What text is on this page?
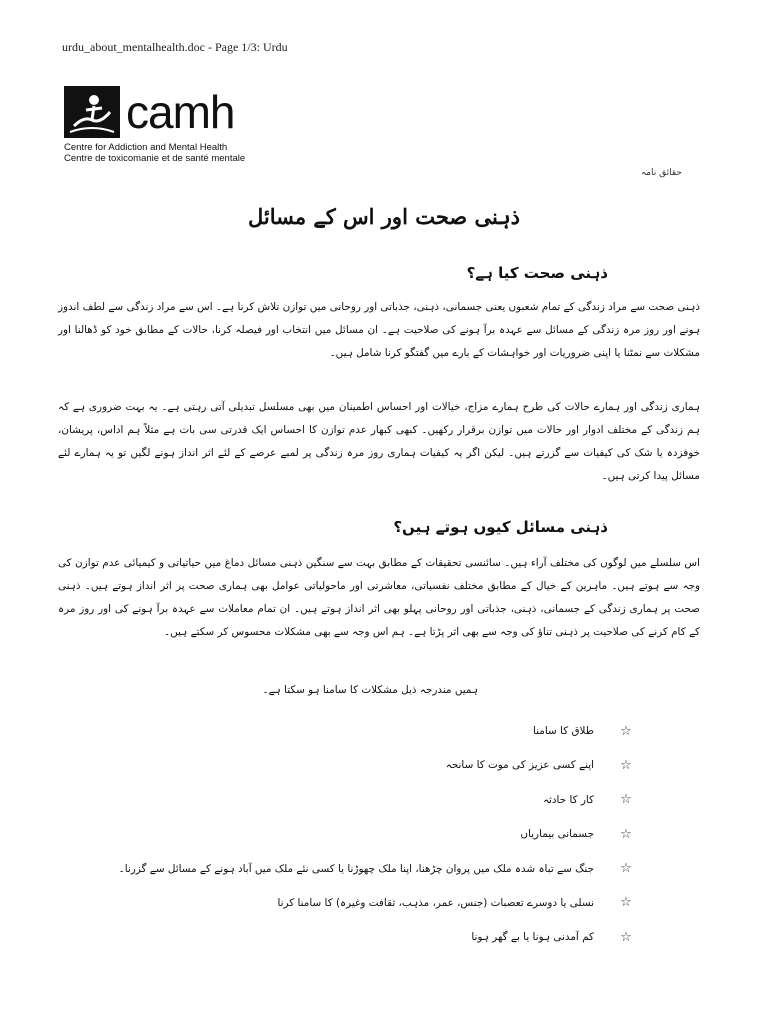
urdu_about_mentalhealth.doc - Page 1/3: Urdu
camh
Centre for Addiction and Mental Health
Centre de toxicomanie et de santé mentale
حقائق نامہ
ذہنی صحت اور اس کے مسائل
ذہنی صحت کیا ہے؟
ذہنی صحت سے مراد زندگی کے تمام شعبوں یعنی جسمانی، ذہنی، جذباتی اور روحانی میں توازن تلاش کرنا ہے۔ اس سے مراد زندگی سے لطف اندوز ہونے اور روز مرہ زندگی کے مسائل سے عہدہ برآ ہونے کی صلاحیت ہے۔ ان مسائل میں انتخاب اور فیصلہ کرنا، حالات کے مطابق خود کو ڈھالنا اور مشکلات سے نمٹنا یا اپنی ضروریات اور خواہشات کے بارے میں گفتگو کرنا شامل ہیں۔
ہماری زندگی اور ہمارے حالات کی طرح ہمارے مزاج، خیالات اور احساس اطمینان میں بھی مسلسل تبدیلی آتی رہتی ہے۔ یہ بہت ضروری ہے کہ ہم زندگی کے مختلف ادوار اور حالات میں توازن برقرار رکھیں۔ کبھی کبھار عدم توازن کا احساس ایک قدرتی سی بات ہے مثلاً ہم اداس، پریشان، خوفزدہ یا شک کی کیفیات سے گزرتے ہیں۔ لیکن اگر یہ کیفیات ہماری روز مرہ زندگی پر لمبے عرصے کے لئے اثر انداز ہونے لگیں تو یہ ہمارے لئے مسائل پیدا کرتی ہیں۔
ذہنی مسائل کیوں ہوتے ہیں؟
اس سلسلے میں لوگوں کی مختلف آراء ہیں۔ سائنسی تحقیقات کے مطابق بہت سے سنگین ذہنی مسائل دماغ میں حیاتیاتی و کیمیائی عدم توازن کی وجہ سے ہوتے ہیں۔ ماہرین کے خیال کے مطابق مختلف نفسیاتی، معاشرتی اور ماحولیاتی عوامل بھی ہماری صحت پر اثر انداز ہوتے ہیں۔ ذہنی صحت پر ہماری زندگی کے جسمانی، ذہنی، جذباتی اور روحانی پہلو بھی اثر انداز ہوتے ہیں۔ ان تمام معاملات سے عہدہ برآ ہونے کی اور روز مرہ کے کام کرنے کی صلاحیت پر ذہنی تناؤ کی وجہ سے بھی اثر پڑتا ہے۔ ہم اس وجہ سے بھی مشکلات محسوس کر سکتے ہیں۔
ہمیں مندرجہ ذیل مشکلات کا سامنا ہو سکتا ہے۔
☆
طلاق کا سامنا
☆
اپنے کسی عزیز کی موت کا سانحہ
☆
کار کا حادثہ
☆
جسمانی بیماریاں
☆
جنگ سے تباہ شدہ ملک میں پروان چڑھنا، اپنا ملک چھوڑنا یا کسی نئے ملک میں آباد ہونے کے مسائل سے گزرنا۔
☆
نسلی یا دوسرے تعصبات (جنس، عمر، مذہب، ثقافت وغیرہ) کا سامنا کرنا
☆
کم آمدنی ہونا یا بے گھر ہونا
